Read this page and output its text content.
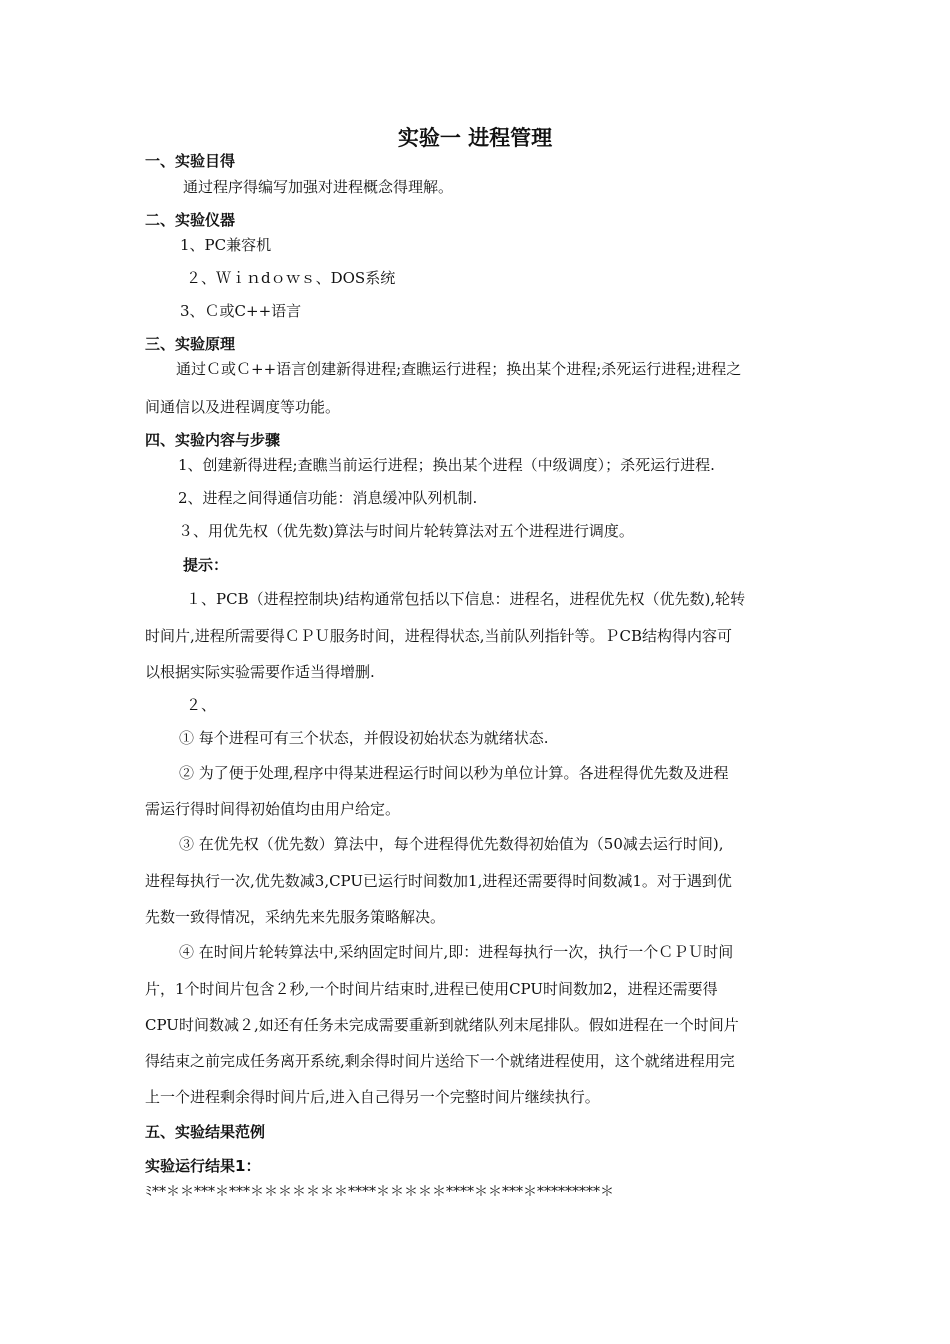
实验一 进程管理
一、实验目得
通过程序得编写加强对进程概念得理解。
二、实验仪器
1、PC兼容机
２、Ｗｉｎdｏｗｓ、DOS系统
3、Ｃ或C++语言
三、实验原理
通过Ｃ或Ｃ++语言创建新得进程;查瞧运行进程；换出某个进程;杀死运行进程;进程之
间通信以及进程调度等功能。
四、实验内容与步骤
1、创建新得进程;查瞧当前运行进程；换出某个进程（中级调度）；杀死运行进程.
2、进程之间得通信功能：消息缓冲队列机制.
３、用优先权（优先数)算法与时间片轮转算法对五个进程进行调度。
提示：
１、PCB（进程控制块)结构通常包括以下信息：进程名，进程优先权（优先数),轮转
时间片,进程所需要得ＣＰＵ服务时间，进程得状态,当前队列指针等。ＰCB结构得内容可
以根据实际实验需要作适当得增删.
２、
① 每个进程可有三个状态，并假设初始状态为就绪状态.
② 为了便于处理,程序中得某进程运行时间以秒为单位计算。各进程得优先数及进程
需运行得时间得初始值均由用户给定。
③ 在优先权（优先数）算法中，每个进程得优先数得初始值为（50减去运行时间),
进程每执行一次,优先数减3,CPU已运行时间数加1,进程还需要得时间数减1。对于遇到优
先数一致得情况，采纳先来先服务策略解决。
④ 在时间片轮转算法中,采纳固定时间片,即：进程每执行一次，执行一个ＣＰＵ时间
片，1个时间片包含２秒,一个时间片结束时,进程已使用CPU时间数加2，进程还需要得
CPU时间数减２,如还有任务未完成需要重新到就绪队列末尾排队。假如进程在一个时间片
得结束之前完成任务离开系统,剩余得时间片送给下一个就绪进程使用，这个就绪进程用完
上一个进程剩余得时间片后,进入自己得另一个完整时间片继续执行。
五、实验结果范例
实验运行结果1：
ﾐ**＊＊***＊***＊＊＊＊＊＊＊****＊＊＊＊＊****＊＊***＊*********＊
